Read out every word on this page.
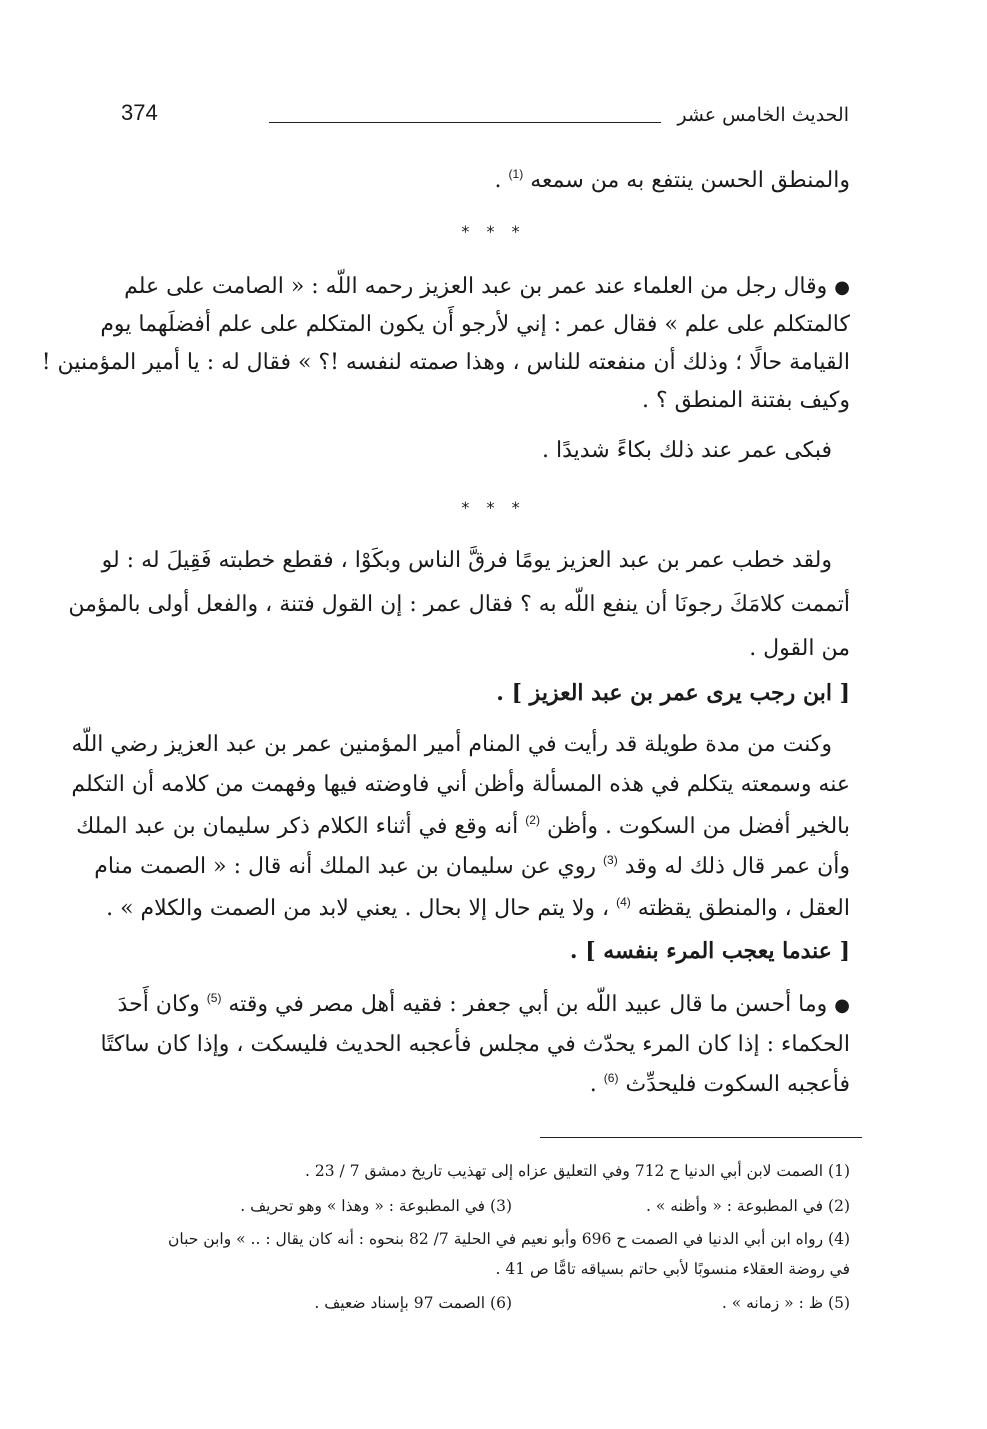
الحديث الخامس عشر
374
والمنطق الحسن ينتفع به من سمعه $^{(1)}$ .
* * *
● وقال رجل من العلماء عند عمر بن عبد العزيز رحمه اللّه : « الصامت على علم
كالمتكلم على علم » فقال عمر : إني لأرجو أَن يكون المتكلم على علم أفضلَهما يوم
القيامة حالًا ؛ وذلك أن منفعته للناس ، وهذا صمته لنفسه !؟ » فقال له : يا أمير المؤمنين !
وكيف بفتنة المنطق ؟ .
فبكى عمر عند ذلك بكاءً شديدًا .
* * *
ولقد خطب عمر بن عبد العزيز يومًا فرقَّ الناس وبكَوْا ، فقطع خطبته فَقِيلَ له : لو
أتممت كلامَكَ رجونَا أن ينفع اللّه به ؟ فقال عمر : إن القول فتنة ، والفعل أولى بالمؤمن
من القول .
[ ابن رجب يرى عمر بن عبد العزيز ] .
وكنت من مدة طويلة قد رأيت في المنام أمير المؤمنين عمر بن عبد العزيز رضي اللّه
عنه وسمعته يتكلم في هذه المسألة وأظن أني فاوضته فيها وفهمت من كلامه أن التكلم
بالخير أفضل من السكوت . وأظن $^{(2)}$ أنه وقع في أثناء الكلام ذكر سليمان بن عبد الملك
وأن عمر قال ذلك له وقد $^{(3)}$ روي عن سليمان بن عبد الملك أنه قال : « الصمت منام
العقل ، والمنطق يقظته $^{(4)}$ ، ولا يتم حال إلا بحال . يعني لابد من الصمت والكلام » .
[ عندما يعجب المرء بنفسه ] .
● وما أحسن ما قال عبيد اللّه بن أبي جعفر : فقيه أهل مصر في وقته $^{(5)}$ وكان أَحدَ
الحكماء : إذا كان المرء يحدّث في مجلس فأعجبه الحديث فليسكت ، وإذا كان ساكتًا
فأعجبه السكوت فليحدِّث $^{(6)}$ .
(1) الصمت لابن أبي الدنيا ح 712 وفي التعليق عزاه إلى تهذيب تاريخ دمشق 7 / 23 .
(2) في المطبوعة : « وأظنه » .
(3) في المطبوعة : « وهذا » وهو تحريف .
(4) رواه ابن أبي الدنيا في الصمت ح 696 وأبو نعيم في الحلية 7/ 82 بنحوه : أنه كان يقال : .. » وابن حبان
في روضة العقلاء منسوبًا لأبي حاتم بسياقه تامًّا ص 41 .
(5) ظ : « زمانه » .
(6) الصمت 97 بإسناد ضعيف .
